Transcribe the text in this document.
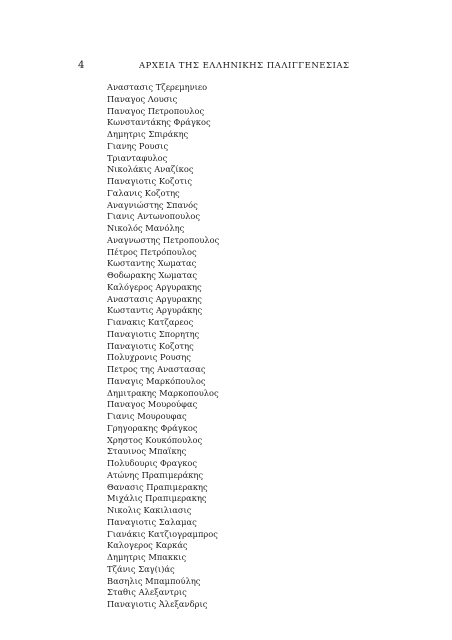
4	ΑΡΧΕΙΑ ΤΗΣ ΕΛΛΗΝΙΚΗΣ ΠΑΛΙΓΓΕΝΕΣΙΑΣ
Αναστασις Τζερεμηνιεο
Παναγος Λουσις
Παναγος Πετροπουλος
Κωνσταντάκης Φράγκος
Δημητρις Σπιράκης
Γιανης Ρουσις
Τριανταφυλος
Νικολάκις Αναζίκος
Παναγιοτις Κοζοτις
Γαλανις Κοζοτης
Αναγνιώστης Σπανός
Γιανις Αντωνοπουλος
Νικολός Μανόλης
Αναγνωστης Πετροπουλος
Πέτρος Πετρόπουλος
Κωσταντης Χωματας
Θοδωρακης Χωματας
Καλόγερος Αργυρακης
Αναστασις Αργυρακης
Κωσταντις Αργυράκης
Γιανακις Κατζαρεος
Παναγιοτις Σπορητης
Παναγιοτις Κοζοτης
Πολυχρονις Ρουσης
Πετρος της Αναστασας
Παναγις Μαρκόπουλος
Δημιτρακης Μαρκοπουλος
Παναγος Μουρούφας
Γιανις Μουρουφας
Γρηγορακης Φράγκος
Χρηστος Κουκόπουλος
Σταυινος Μπαϊκης
Πολυδουρις Φραγκος
Ατώνης Πραπιμεράκης
Θανασις Πραπιμερακης
Μιχάλις Πραπιμερακης
Νικολις Κακιλιασις
Παναγιοτις Σαλαμας
Γιανάκις Κατζιογραμπρος
Καλογερος Καρκάς
Δημητρις Μπακκις
Τζάνις Σαγ(ι)άς
Βασηλις Μπαμπούλης
Σταθις Αλεξαντρις
Παναγιοτις Ἀλεξανδρις
